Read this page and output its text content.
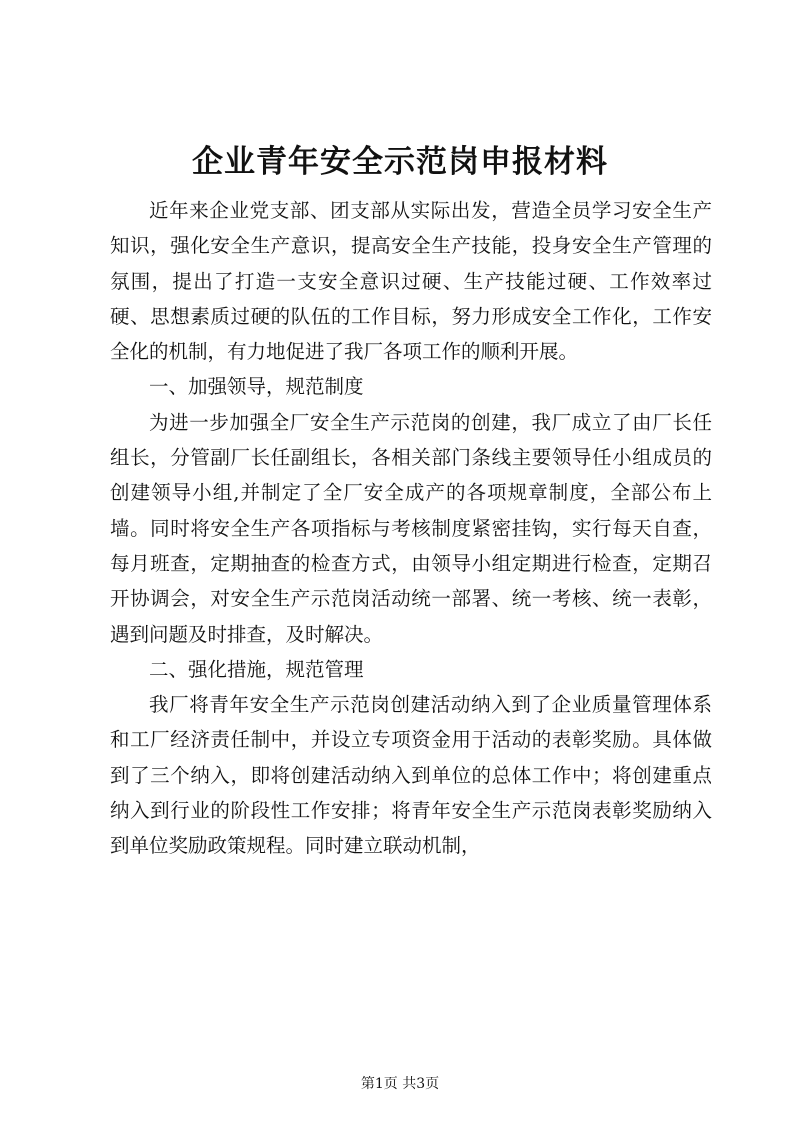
企业青年安全示范岗申报材料

近年来企业党支部、团支部从实际出发，营造全员学习安全生产知识，强化安全生产意识，提高安全生产技能，投身安全生产管理的氛围，提出了打造一支安全意识过硬、生产技能过硬、工作效率过硬、思想素质过硬的队伍的工作目标，努力形成安全工作化，工作安全化的机制，有力地促进了我厂各项工作的顺利开展。

一、加强领导，规范制度

为进一步加强全厂安全生产示范岗的创建，我厂成立了由厂长任组长，分管副厂长任副组长，各相关部门条线主要领导任小组成员的创建领导小组,并制定了全厂安全成产的各项规章制度，全部公布上墙。同时将安全生产各项指标与考核制度紧密挂钩，实行每天自查，每月班查，定期抽查的检查方式，由领导小组定期进行检查，定期召开协调会，对安全生产示范岗活动统一部署、统一考核、统一表彰，遇到问题及时排查，及时解决。

二、强化措施，规范管理

我厂将青年安全生产示范岗创建活动纳入到了企业质量管理体系和工厂经济责任制中，并设立专项资金用于活动的表彰奖励。具体做到了三个纳入，即将创建活动纳入到单位的总体工作中；将创建重点纳入到行业的阶段性工作安排；将青年安全生产示范岗表彰奖励纳入到单位奖励政策规程。同时建立联动机制，

第1页 共3页
